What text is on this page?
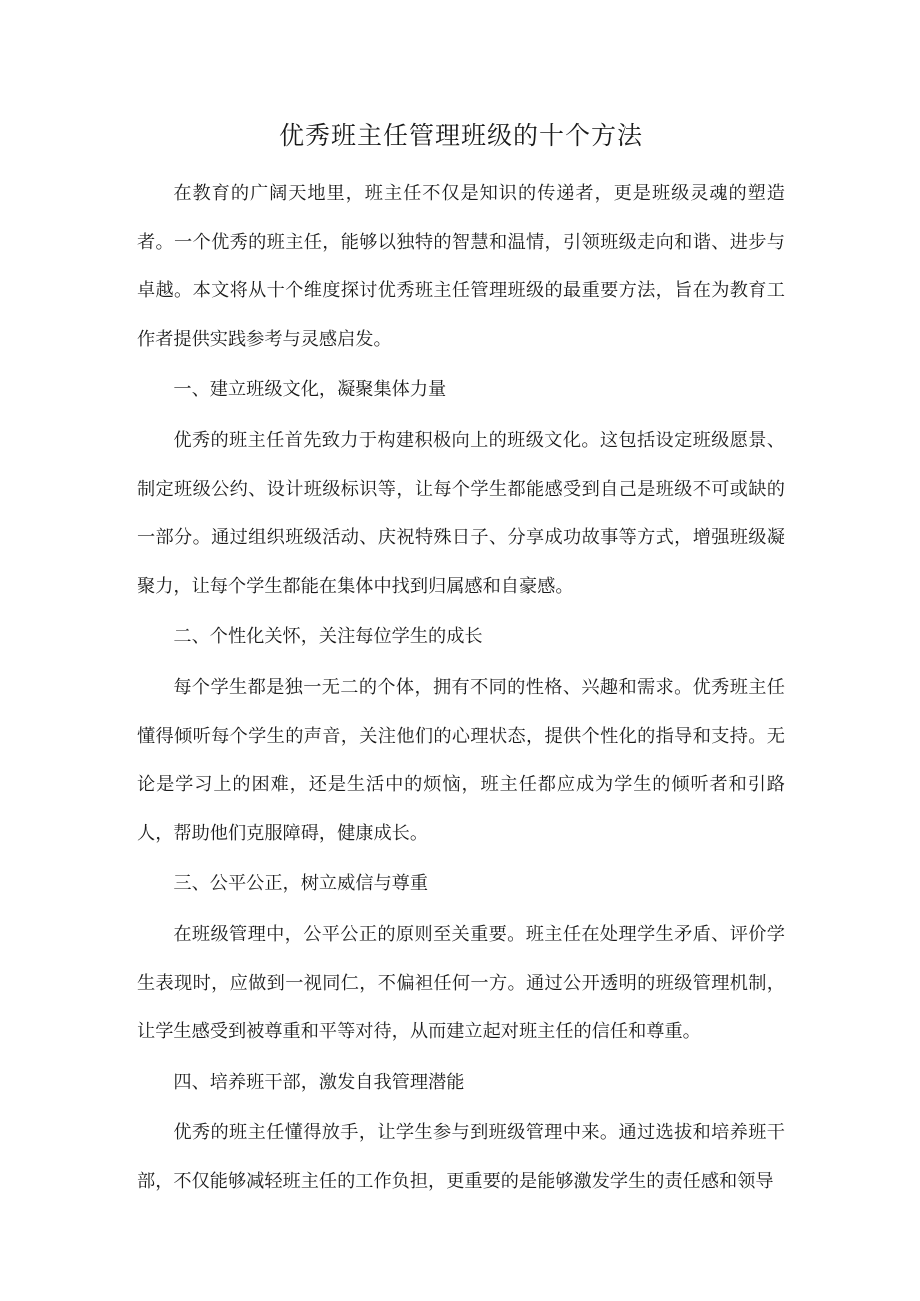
优秀班主任管理班级的十个方法

在教育的广阔天地里，班主任不仅是知识的传递者，更是班级灵魂的塑造者。一个优秀的班主任，能够以独特的智慧和温情，引领班级走向和谐、进步与卓越。本文将从十个维度探讨优秀班主任管理班级的最重要方法，旨在为教育工作者提供实践参考与灵感启发。

一、建立班级文化，凝聚集体力量

优秀的班主任首先致力于构建积极向上的班级文化。这包括设定班级愿景、制定班级公约、设计班级标识等，让每个学生都能感受到自己是班级不可或缺的一部分。通过组织班级活动、庆祝特殊日子、分享成功故事等方式，增强班级凝聚力，让每个学生都能在集体中找到归属感和自豪感。

二、个性化关怀，关注每位学生的成长

每个学生都是独一无二的个体，拥有不同的性格、兴趣和需求。优秀班主任懂得倾听每个学生的声音，关注他们的心理状态，提供个性化的指导和支持。无论是学习上的困难，还是生活中的烦恼，班主任都应成为学生的倾听者和引路人，帮助他们克服障碍，健康成长。

三、公平公正，树立威信与尊重

在班级管理中，公平公正的原则至关重要。班主任在处理学生矛盾、评价学生表现时，应做到一视同仁，不偏袒任何一方。通过公开透明的班级管理机制，让学生感受到被尊重和平等对待，从而建立起对班主任的信任和尊重。

四、培养班干部，激发自我管理潜能

优秀的班主任懂得放手，让学生参与到班级管理中来。通过选拔和培养班干部，不仅能够减轻班主任的工作负担，更重要的是能够激发学生的责任感和领导
